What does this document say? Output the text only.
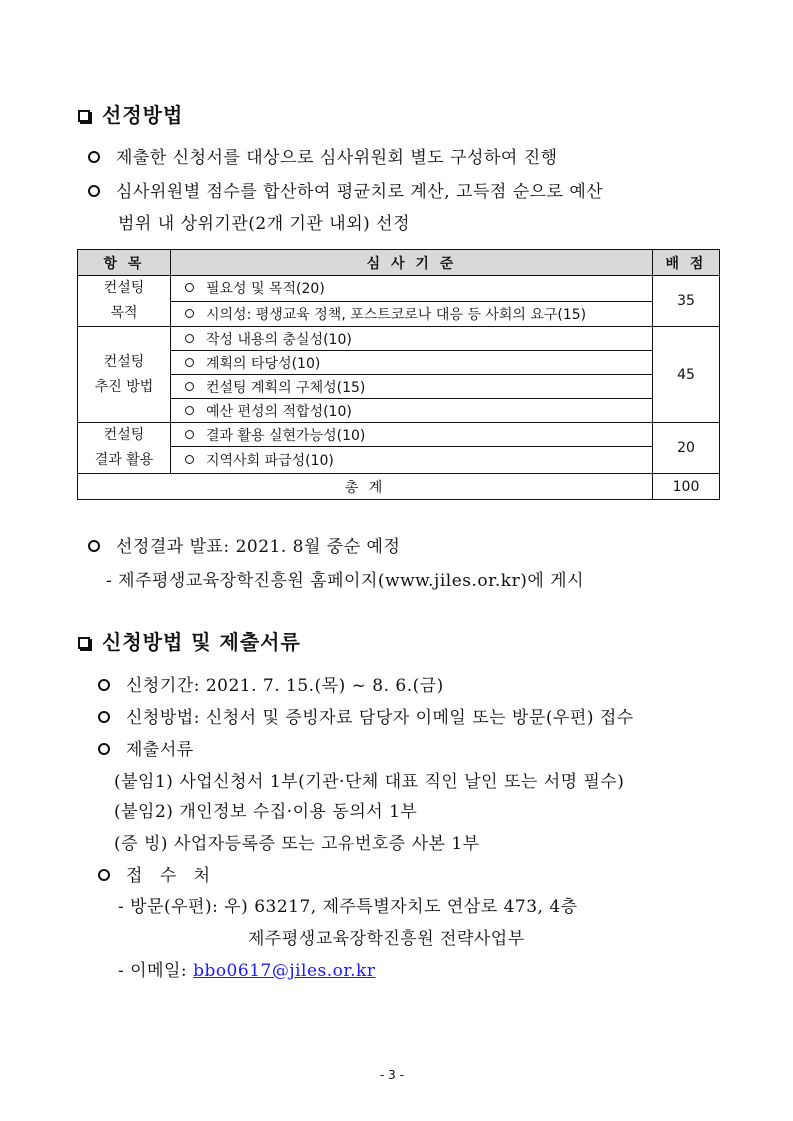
선정방법
제출한 신청서를 대상으로 심사위원회 별도 구성하여 진행
심사위원별 점수를 합산하여 평균치로 계산, 고득점 순으로 예산
범위 내 상위기관(2개 기관 내외) 선정
항 목	심 사 기 준	배 점

컨설팅
목적	필요성 및 목적(20)	35
	시의성: 평생교육 정책, 포스트코로나 대응 등 사회의 요구(15)	

컨설팅
추진 방법	작성 내용의 충실성(10)	45
	계획의 타당성(10)	
	컨설팅 계획의 구체성(15)	
	예산 편성의 적합성(10)	

컨설팅
결과 활용	결과 활용 실현가능성(10)	20
	지역사회 파급성(10)	
총 계		100
선정결과 발표: 2021. 8월 중순 예정
- 제주평생교육장학진흥원 홈페이지(www.jiles.or.kr)에 게시
신청방법 및 제출서류
신청기간: 2021. 7. 15.(목) ~ 8. 6.(금)
신청방법: 신청서 및 증빙자료 담당자 이메일 또는 방문(우편) 접수
제출서류
(붙임1) 사업신청서 1부(기관·단체 대표 직인 날인 또는 서명 필수)
(붙임2) 개인정보 수집·이용 동의서 1부
(증 빙) 사업자등록증 또는 고유번호증 사본 1부
접 수 처
- 방문(우편): 우) 63217, 제주특별자치도 연삼로 473, 4층
제주평생교육장학진흥원 전략사업부
- 이메일: bbo0617@jiles.or.kr
- 3 -
